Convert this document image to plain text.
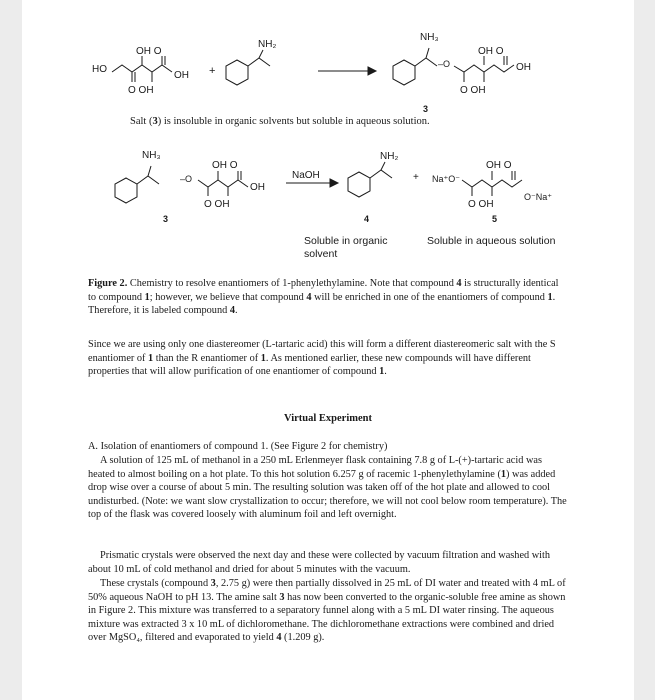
HO
OH O
OH
O OH
+
NH₂
NH₃
–O
OH O
OH
O OH
3
NH₃
–O
OH O
OH
O OH
NaOH
NH₂
+ Na⁺O⁻
OH O
O OH
O⁻Na⁺
3	4	5
Soluble in organic solvent
Soluble in aqueous solution

Salt (3) is insoluble in organic solvents but soluble in aqueous solution.

Figure 2. Chemistry to resolve enantiomers of 1-phenylethylamine. Note that compound 4 is structurally identical to compound 1; however, we believe that compound 4 will be enriched in one of the enantiomers of compound 1. Therefore, it is labeled compound 4.

Since we are using only one diastereomer (L-tartaric acid) this will form a different diastereomeric salt with the S enantiomer of 1 than the R enantiomer of 1. As mentioned earlier, these new compounds will have different properties that will allow purification of one enantiomer of compound 1.

Virtual Experiment

A. Isolation of enantiomers of compound 1. (See Figure 2 for chemistry)

A solution of 125 mL of methanol in a 250 mL Erlenmeyer flask containing 7.8 g of L-(+)-tartaric acid was heated to almost boiling on a hot plate. To this hot solution 6.257 g of racemic 1-phenylethylamine (1) was added drop wise over a course of about 5 min. The resulting solution was taken off of the hot plate and allowed to cool undisturbed. (Note: we want slow crystallization to occur; therefore, we will not cool below room temperature). The top of the flask was covered loosely with aluminum foil and left overnight.

Prismatic crystals were observed the next day and these were collected by vacuum filtration and washed with about 10 mL of cold methanol and dried for about 5 minutes with the vacuum.

These crystals (compound 3, 2.75 g) were then partially dissolved in 25 mL of DI water and treated with 4 mL of 50% aqueous NaOH to pH 13. The amine salt 3 has now been converted to the organic-soluble free amine as shown in Figure 2. This mixture was transferred to a separatory funnel along with a 5 mL DI water rinsing. The aqueous mixture was extracted 3 x 10 mL of dichloromethane. The dichloromethane extractions were combined and dried over MgSO₄, filtered and evaporated to yield 4 (1.209 g).
